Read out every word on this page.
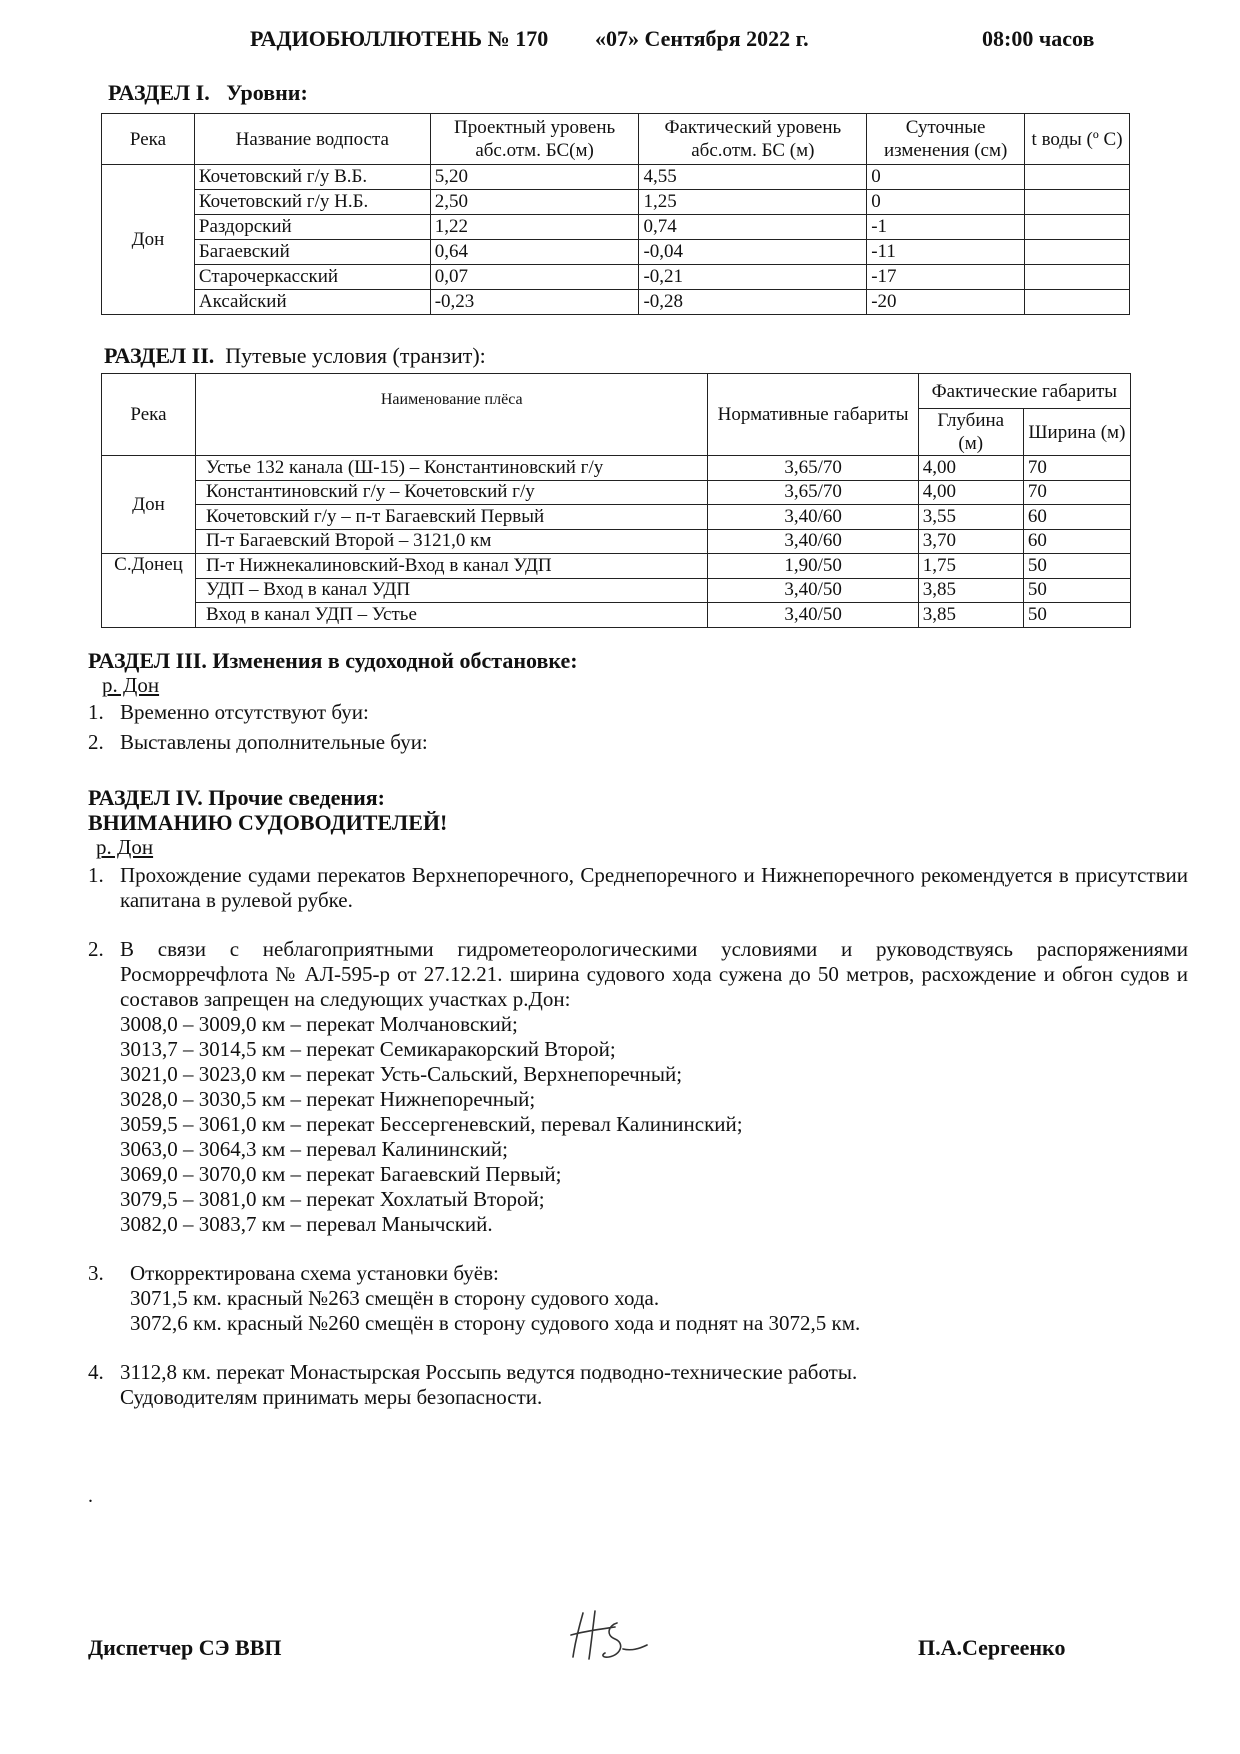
РАДИОБЮЛЛЮТЕНЬ № 170 «07» Сентября 2022 г.	08:00 часов
РАЗДЕЛ I. Уровни:
Река	Название водпоста	Проектный уровень абс.отм. БС(м)	Фактический уровень абс.отм. БС (м)	Суточные изменения (см)	t воды (º С)
Дон	Кочетовский г/у В.Б.	5,20	4,55	0	
	Кочетовский г/у Н.Б.	2,50	1,25	0	
	Раздорский	1,22	0,74	-1	
	Багаевский	0,64	-0,04	-11	
	Старочеркасский	0,07	-0,21	-17	
	Аксайский	-0,23	-0,28	-20	
РАЗДЕЛ II. Путевые условия (транзит):
Река	Наименование плёса	Нормативные габариты	Фактические габариты	
			Глубина (м)	Ширина (м)
Дон	Устье 132 канала (Ш-15) – Константиновский г/у	3,65/70	4,00	70
	Константиновский г/у – Кочетовский г/у	3,65/70	4,00	70
	Кочетовский г/у – п-т Багаевский Первый	3,40/60	3,55	60
	П-т Багаевский Второй – 3121,0 км	3,40/60	3,70	60
С.Донец	П-т Нижнекалиновский-Вход в канал УДП	1,90/50	1,75	50
	УДП – Вход в канал УДП	3,40/50	3,85	50
	Вход в канал УДП – Устье	3,40/50	3,85	50
РАЗДЕЛ III. Изменения в судоходной обстановке:
р. Дон
1. Временно отсутствуют буи:
2. Выставлены дополнительные буи:
РАЗДЕЛ IV. Прочие сведения:
ВНИМАНИЮ СУДОВОДИТЕЛЕЙ!
р. Дон
1. Прохождение судами перекатов Верхнепоречного, Среднепоречного и Нижнепоречного рекомендуется в присутствии капитана в рулевой рубке.
2. В связи с неблагоприятными гидрометеорологическими условиями и руководствуясь распоряжениями Росморречфлота № АЛ-595-р от 27.12.21. ширина судового хода сужена до 50 метров, расхождение и обгон судов и составов запрещен на следующих участках р.Дон:
3008,0 – 3009,0 км – перекат Молчановский;
3013,7 – 3014,5 км – перекат Семикаракорский Второй;
3021,0 – 3023,0 км – перекат Усть-Сальский, Верхнепоречный;
3028,0 – 3030,5 км – перекат Нижнепоречный;
3059,5 – 3061,0 км – перекат Бессергеневский, перевал Калининский;
3063,0 – 3064,3 км – перевал Калининский;
3069,0 – 3070,0 км – перекат Багаевский Первый;
3079,5 – 3081,0 км – перекат Хохлатый Второй;
3082,0 – 3083,7 км – перевал Манычский.
3. Откорректирована схема установки буёв:
3071,5 км. красный №263 смещён в сторону судового хода.
3072,6 км. красный №260 смещён в сторону судового хода и поднят на 3072,5 км.
4. 3112,8 км. перекат Монастырская Россыпь ведутся подводно-технические работы.
Судоводителям принимать меры безопасности.
.
Диспетчер СЭ ВВП	П.А.Сергеенко
